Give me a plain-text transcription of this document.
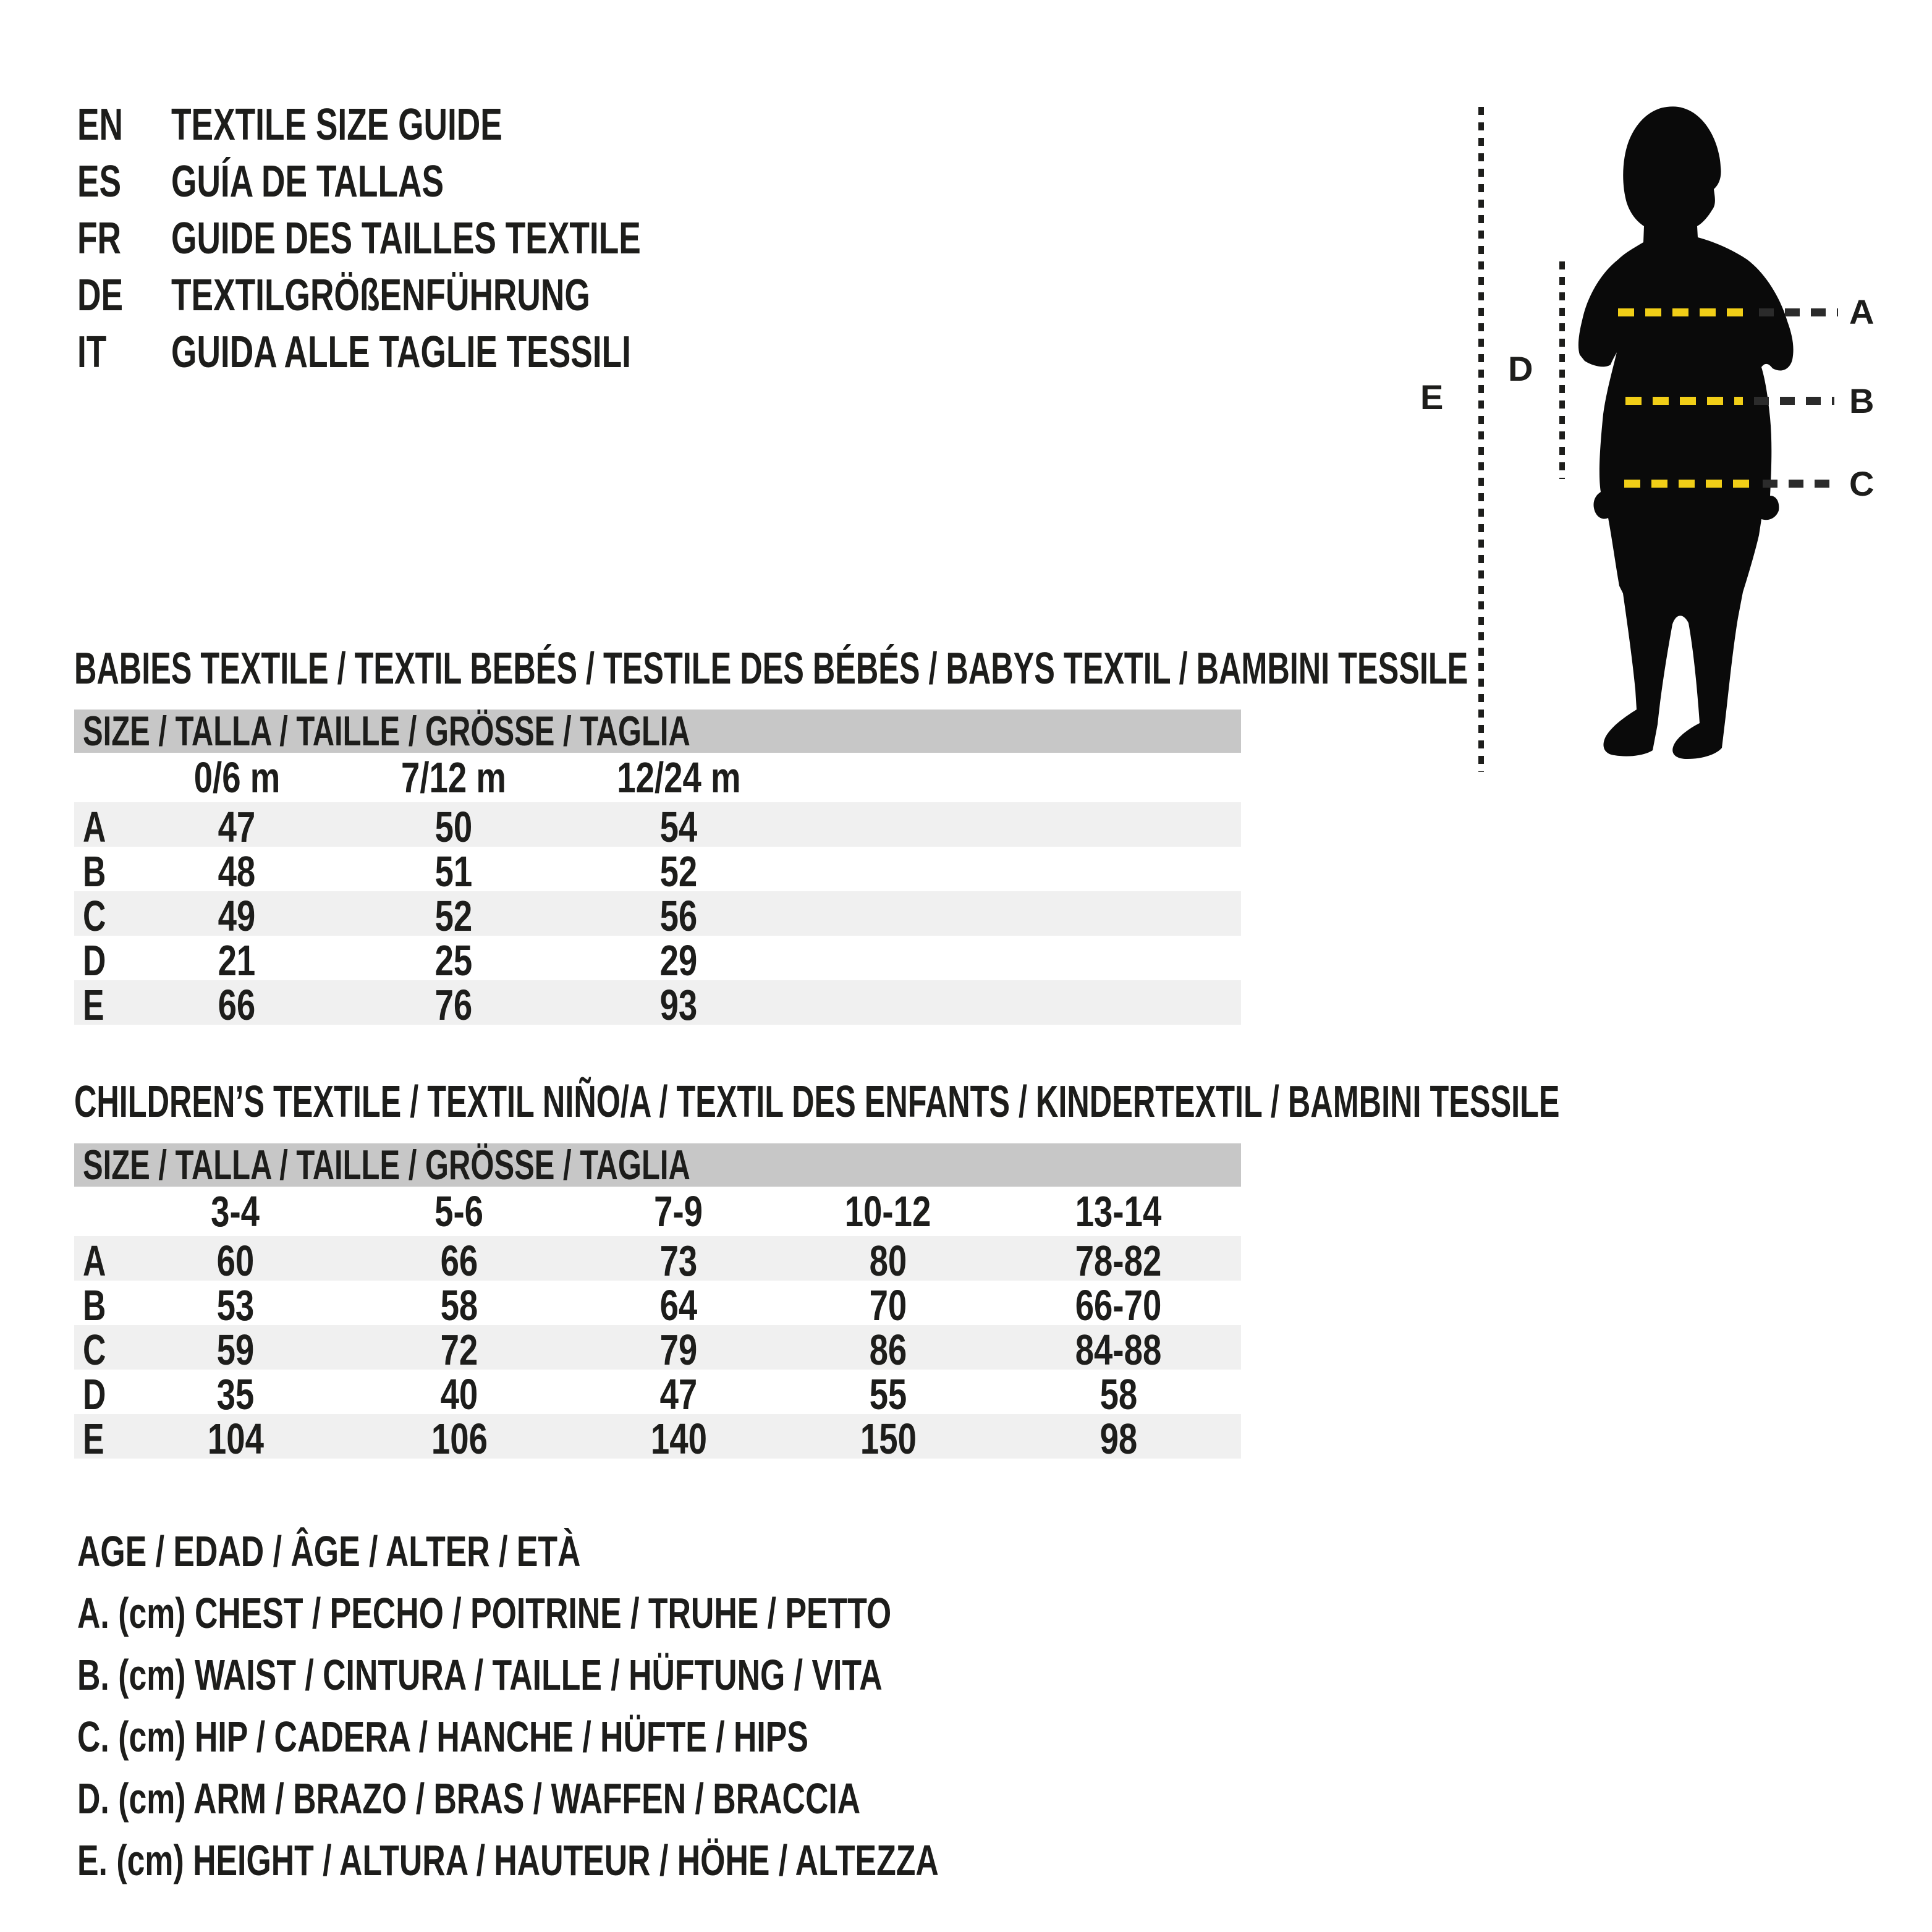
EN	TEXTILE SIZE GUIDE
ES	GUÍA DE TALLAS
FR	GUIDE DES TAILLES TEXTILE
DE	TEXTILGRÖßENFÜHRUNG
IT	GUIDA ALLE TAGLIE TESSILI
A
B
C
D
E
BABIES TEXTILE / TEXTIL BEBÉS / TESTILE DES BÉBÉS / BABYS TEXTIL / BAMBINI TESSILE
SIZE / TALLA / TAILLE / GRÖSSE / TAGLIA
0/6 m	7/12 m	12/24 m
A	47	50	54
B	48	51	52
C	49	52	56
D	21	25	29
E	66	76	93
CHILDREN’S TEXTILE / TEXTIL NIÑO/A / TEXTIL DES ENFANTS / KINDERTEXTIL / BAMBINI TESSILE
SIZE / TALLA / TAILLE / GRÖSSE / TAGLIA
3-4	5-6	7-9	10-12	13-14
A	60	66	73	80	78-82
B	53	58	64	70	66-70
C	59	72	79	86	84-88
D	35	40	47	55	58
E 104	106	140	150	98
AGE / EDAD / ÂGE / ALTER / ETÀ
A. (cm) CHEST / PECHO / POITRINE / TRUHE / PETTO
B. (cm) WAIST / CINTURA / TAILLE / HÜFTUNG / VITA
C. (cm) HIP / CADERA / HANCHE / HÜFTE / HIPS
D. (cm) ARM / BRAZO / BRAS / WAFFEN / BRACCIA
E. (cm) HEIGHT / ALTURA / HAUTEUR / HÖHE / ALTEZZA
